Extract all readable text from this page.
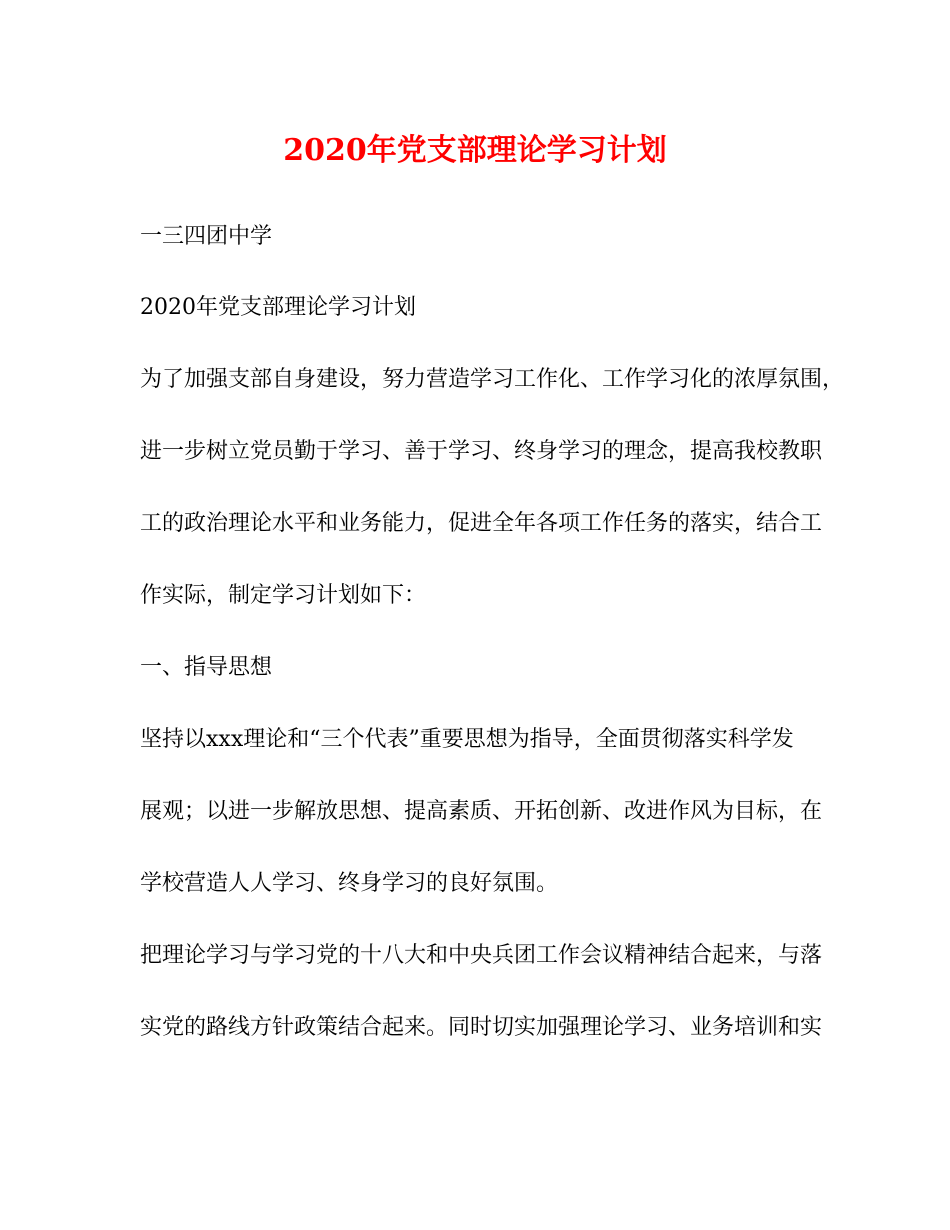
2020年党支部理论学习计划
一三四团中学
2020年党支部理论学习计划
为了加强支部自身建设，努力营造学习工作化、工作学习化的浓厚氛围，
进一步树立党员勤于学习、善于学习、终身学习的理念，提高我校教职
工的政治理论水平和业务能力，促进全年各项工作任务的落实，结合工
作实际，制定学习计划如下：
一、指导思想
坚持以xxx理论和“三个代表”重要思想为指导，全面贯彻落实科学发
展观；以进一步解放思想、提高素质、开拓创新、改进作风为目标，在
学校营造人人学习、终身学习的良好氛围。
把理论学习与学习党的十八大和中央兵团工作会议精神结合起来，与落
实党的路线方针政策结合起来。同时切实加强理论学习、业务培训和实
